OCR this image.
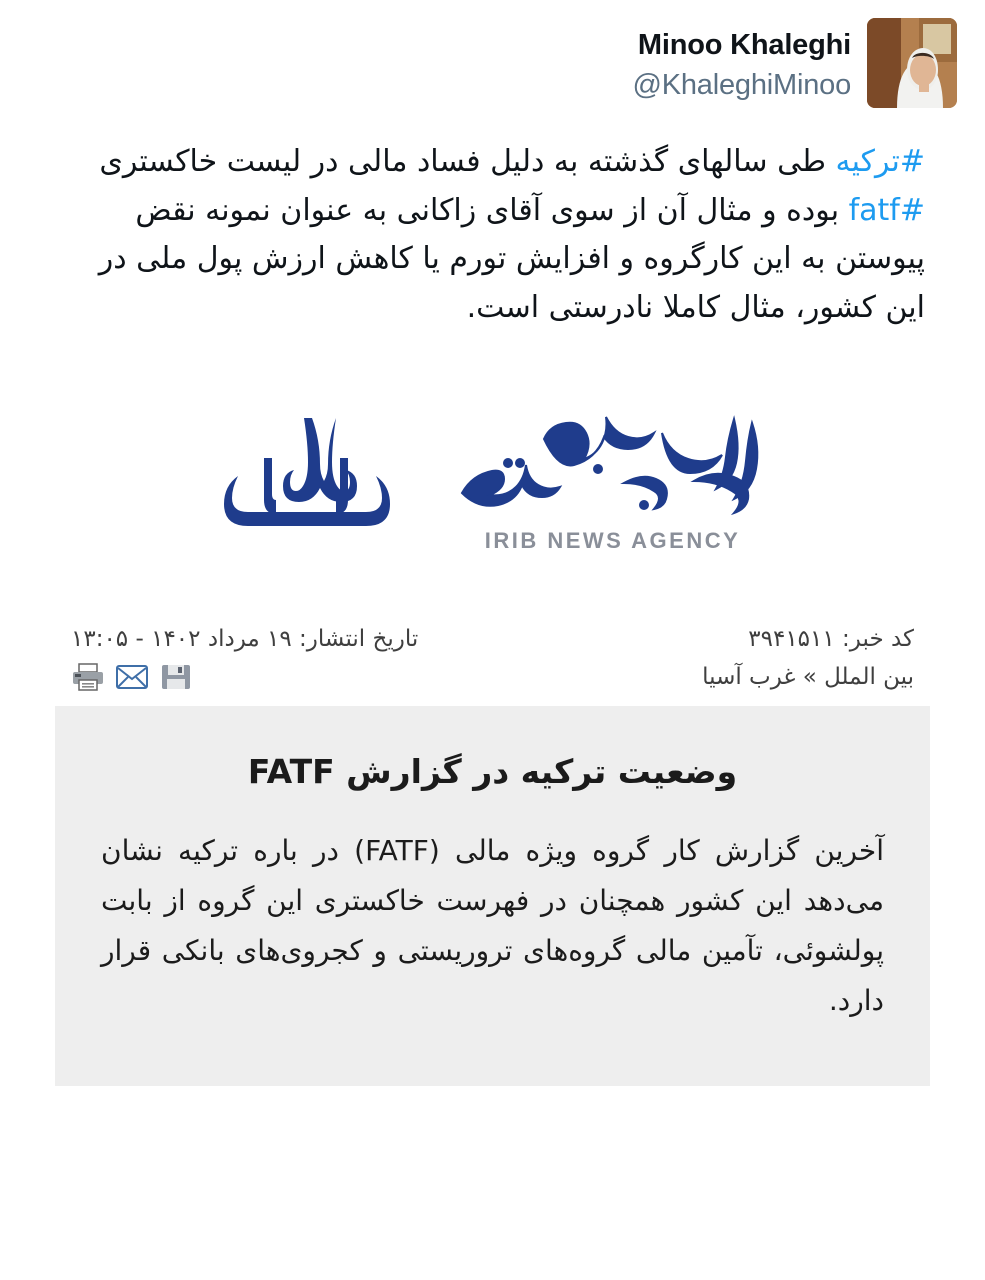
Minoo Khaleghi
@KhaleghiMinoo
#ترکیه طی سالهای گذشته به دلیل فساد مالی در لیست خاکستری #fatf بوده و مثال آن از سوی آقای زاکانی به عنوان نمونه نقض پیوستن به این کارگروه و افزایش تورم یا کاهش ارزش پول ملی در این کشور، مثال کاملا نادرستی است.
IRIB NEWS AGENCY
کد خبر: ۳۹۴۱۵۱۱
تاریخ انتشار: ۱۹ مرداد ۱۴۰۲ - ۱۳:۰۵
بین الملل » غرب آسیا
وضعیت ترکیه در گزارش FATF

آخرین گزارش کار گروه ویژه مالی (FATF) در باره ترکیه نشان می‌دهد این کشور همچنان در فهرست خاکستری این گروه از بابت پولشوئی، تآمین مالی گروه‌های تروریستی و کجروی‌های بانکی قرار دارد.
